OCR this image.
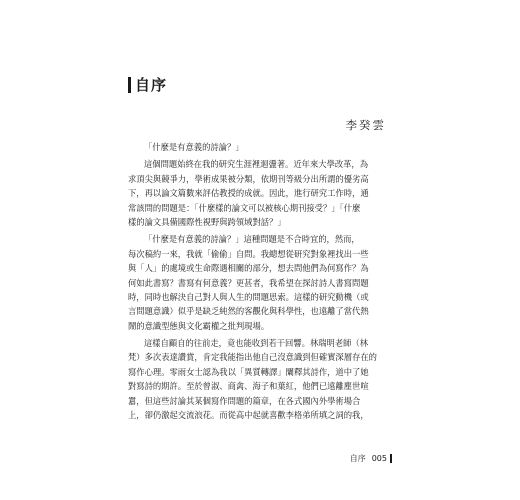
自序
李癸雲
「什麼是有意義的詩論？」
這個問題始終在我的研究生涯裡迴盪著。近年來大學改革，為
求頂尖與競爭力，學術成果被分類，依期刊等級分出所謂的優劣高
下，再以論文篇數來評估教授的成就。因此，進行研究工作時，通
常該問的問題是：「什麼樣的論文可以被核心期刊接受？」「什麼
樣的論文具備國際性視野與跨領域對話？」
「什麼是有意義的詩論？」這種問題是不合時宜的，然而，
每次稿約一來，我就「偷偷」自問。我總想從研究對象裡找出一些
與「人」的處境或生命際遇相關的部分，想去問他們為何寫作？為
何如此書寫？書寫有何意義？更甚者，我希望在探討詩人書寫問題
時，同時也解決自己對人與人生的問題思索。這樣的研究動機（或
言問題意識）似乎是缺乏純然的客觀化與科學性，也遠離了當代熱
鬧的意識型態與文化霸權之批判現場。
這樣自顧自的往前走，竟也能收到若干回響。林瑞明老師（林
梵）多次表達讚賞，肯定我能指出他自己沒意識到但確實深層存在的
寫作心理。零雨女士認為我以「異質轉譯」闡釋其詩作，道中了她
對寫詩的期許。至於曾淑、商禽、海子和葉紅，他們已遠離塵世喧
囂，但這些討論其某個寫作問題的篇章，在各式國內外學術場合
上，卻仍激起交流浪花。而從高中起就喜歡李格弟所填之詞的我，
自序 005
